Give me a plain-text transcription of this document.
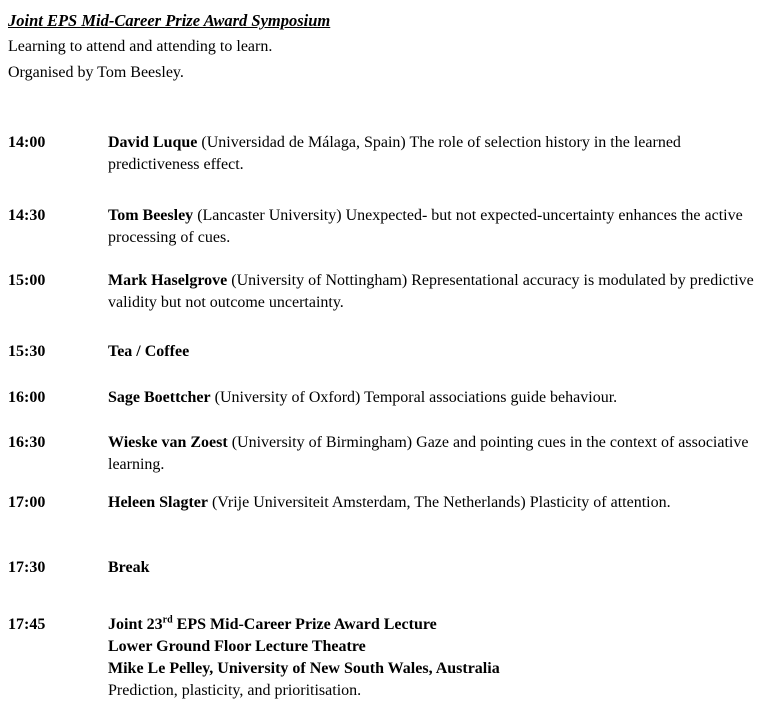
Joint EPS Mid-Career Prize Award Symposium
Learning to attend and attending to learn.
Organised by Tom Beesley.
14:00	David Luque (Universidad de Málaga, Spain) The role of selection history in the learned predictiveness effect.
14:30	Tom Beesley (Lancaster University) Unexpected- but not expected-uncertainty enhances the active processing of cues.
15:00	Mark Haselgrove (University of Nottingham) Representational accuracy is modulated by predictive validity but not outcome uncertainty.
15:30	Tea / Coffee
16:00	Sage Boettcher (University of Oxford) Temporal associations guide behaviour.
16:30	Wieske van Zoest (University of Birmingham) Gaze and pointing cues in the context of associative learning.
17:00	Heleen Slagter (Vrije Universiteit Amsterdam, The Netherlands) Plasticity of attention.
17:30	Break
17:45	Joint 23rd EPS Mid-Career Prize Award Lecture
Lower Ground Floor Lecture Theatre
Mike Le Pelley, University of New South Wales, Australia
Prediction, plasticity, and prioritisation.
